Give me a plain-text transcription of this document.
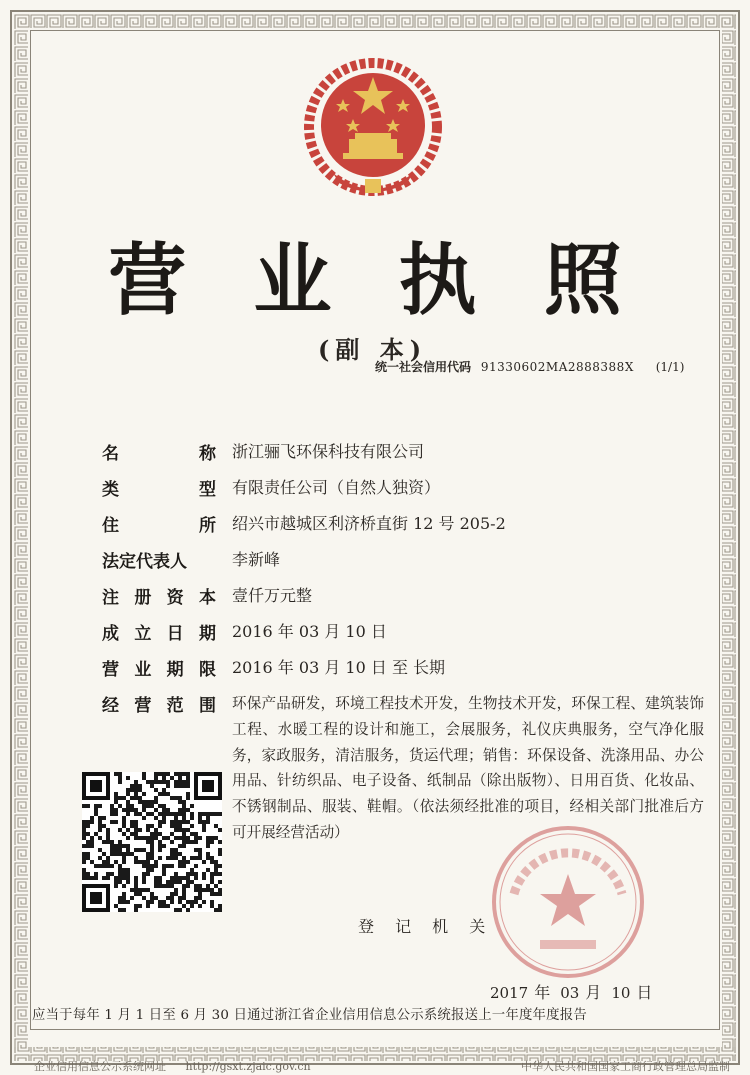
营 业 执 照
(副 本)
统一社会信用代码 91330602MA2888388X (1/1)
名	称 浙江骊飞环保科技有限公司
类	型 有限责任公司（自然人独资）
住	所 绍兴市越城区利济桥直街 12 号 205-2
法定代表人	李新峰
注 册 资 本 壹仟万元整
成 立 日 期 2016 年 03 月 10 日
营 业 期 限 2016 年 03 月 10 日 至 长期
经 营 范 围 环保产品研发，环境工程技术开发，生物技术开发，环保工程、建筑装饰工程、水暖工程的设计和施工，会展服务，礼仪庆典服务，空气净化服务，家政服务，清洁服务，货运代理；销售：环保设备、洗涤用品、办公用品、针纺织品、电子设备、纸制品（除出版物）、日用百货、化妆品、不锈钢制品、服装、鞋帽。（依法须经批准的项目，经相关部门批准后方可开展经营活动）
登 记 机 关
2017 年 03 月 10 日
应当于每年 1 月 1 日至 6 月 30 日通过浙江省企业信用信息公示系统报送上一年度年度报告
企业信用信息公示系统网址 http://gsxt.zjaic.gov.cn	中华人民共和国国家工商行政管理总局监制
